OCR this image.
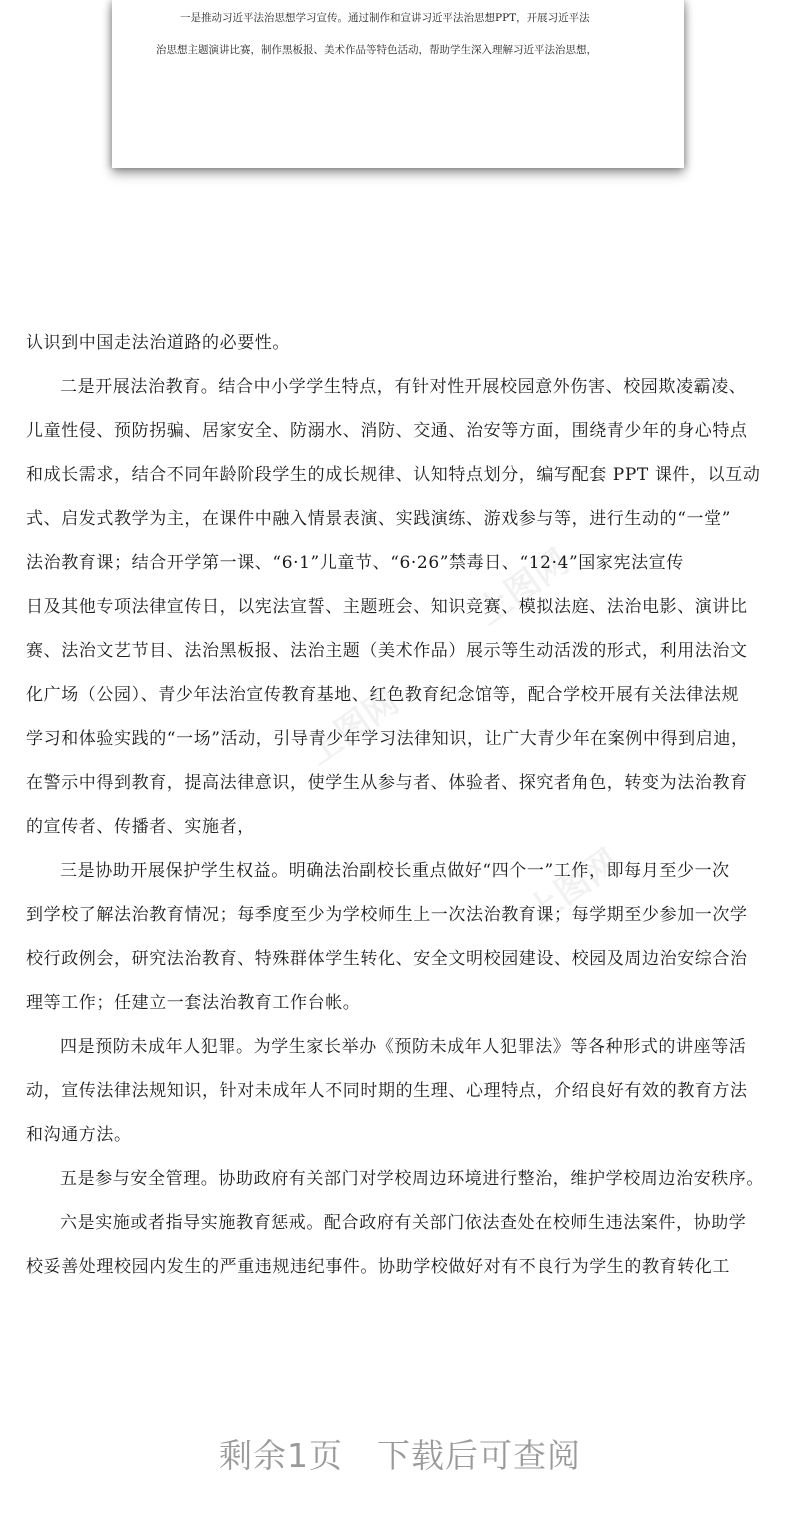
一是推动习近平法治思想学习宣传。通过制作和宣讲习近平法治思想PPT，开展习近平法
治思想主题演讲比赛，制作黑板报、美术作品等特色活动，帮助学生深入理解习近平法治思想，
上图网
上图网
上图网
认识到中国走法治道路的必要性。
二是开展法治教育。结合中小学学生特点，有针对性开展校园意外伤害、校园欺凌霸凌、
儿童性侵、预防拐骗、居家安全、防溺水、消防、交通、治安等方面，围绕青少年的身心特点
和成长需求，结合不同年龄阶段学生的成长规律、认知特点划分，编写配套 PPT 课件，以互动
式、启发式教学为主，在课件中融入情景表演、实践演练、游戏参与等，进行生动的“一堂”
法治教育课；结合开学第一课、“6·1”儿童节、“6·26”禁毒日、“12·4”国家宪法宣传
日及其他专项法律宣传日，以宪法宣誓、主题班会、知识竞赛、模拟法庭、法治电影、演讲比
赛、法治文艺节目、法治黑板报、法治主题（美术作品）展示等生动活泼的形式，利用法治文
化广场（公园）、青少年法治宣传教育基地、红色教育纪念馆等，配合学校开展有关法律法规
学习和体验实践的“一场”活动，引导青少年学习法律知识，让广大青少年在案例中得到启迪，
在警示中得到教育，提高法律意识，使学生从参与者、体验者、探究者角色，转变为法治教育
的宣传者、传播者、实施者，
三是协助开展保护学生权益。明确法治副校长重点做好“四个一”工作，即每月至少一次
到学校了解法治教育情况；每季度至少为学校师生上一次法治教育课；每学期至少参加一次学
校行政例会，研究法治教育、特殊群体学生转化、安全文明校园建设、校园及周边治安综合治
理等工作；任建立一套法治教育工作台帐。
四是预防未成年人犯罪。为学生家长举办《预防未成年人犯罪法》等各种形式的讲座等活
动，宣传法律法规知识，针对未成年人不同时期的生理、心理特点，介绍良好有效的教育方法
和沟通方法。
五是参与安全管理。协助政府有关部门对学校周边环境进行整治，维护学校周边治安秩序。
六是实施或者指导实施教育惩戒。配合政府有关部门依法查处在校师生违法案件，协助学
校妥善处理校园内发生的严重违规违纪事件。协助学校做好对有不良行为学生的教育转化工
剩余1页 下载后可查阅
